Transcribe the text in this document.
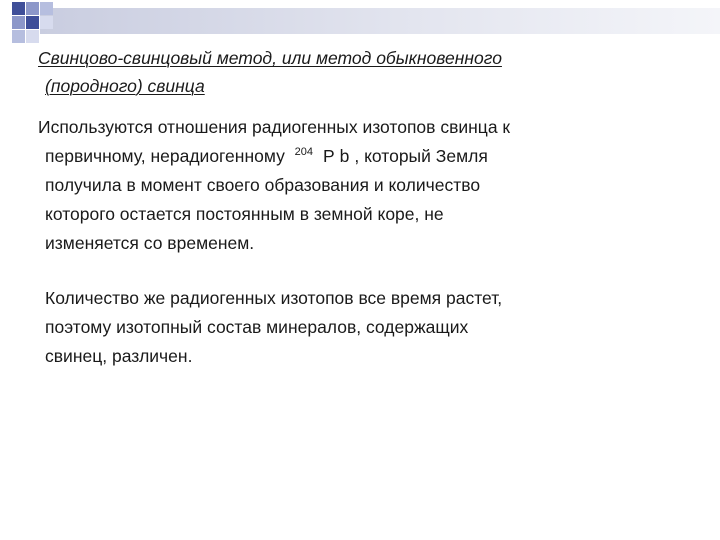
Свинцово-свинцовый метод, или метод обыкновенного
(породного) свинца
Используются отношения радиогенных изотопов свинца к
первичному, нерадиогенному $^{204}$ Pb, который Земля
получила в момент своего образования и количество
которого остается постоянным в земной коре, не
изменяется со временем.
Количество же радиогенных изотопов все время растет,
поэтому изотопный состав минералов, содержащих
свинец, различен.
